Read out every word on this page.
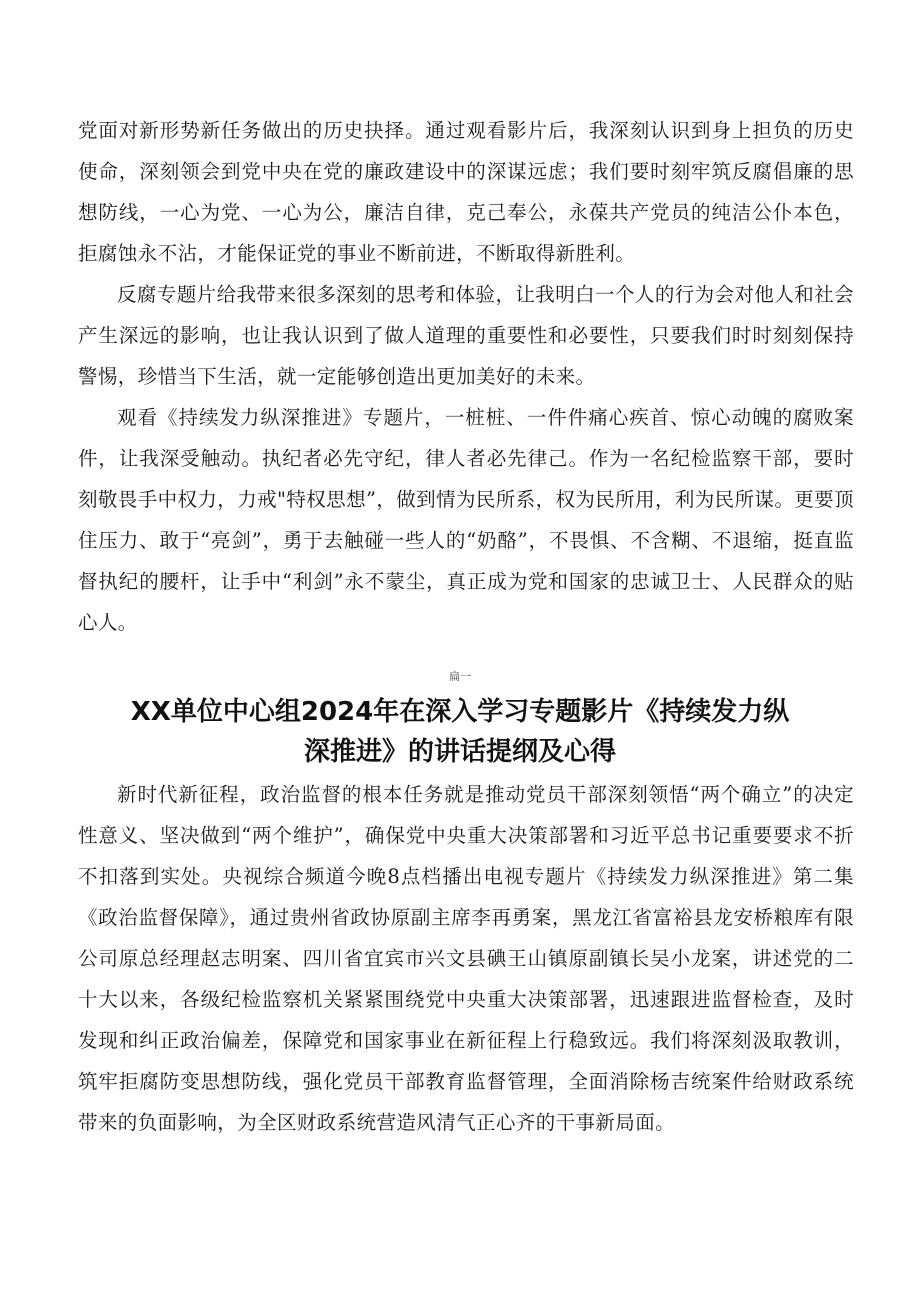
党面对新形势新任务做出的历史抉择。通过观看影片后，我深刻认识到身上担负的历史使命，深刻领会到党中央在党的廉政建设中的深谋远虑；我们要时刻牢筑反腐倡廉的思想防线，一心为党、一心为公，廉洁自律，克己奉公，永葆共产党员的纯洁公仆本色，拒腐蚀永不沾，才能保证党的事业不断前进，不断取得新胜利。

反腐专题片给我带来很多深刻的思考和体验，让我明白一个人的行为会对他人和社会产生深远的影响，也让我认识到了做人道理的重要性和必要性，只要我们时时刻刻保持警惕，珍惜当下生活，就一定能够创造出更加美好的未来。

观看《持续发力纵深推进》专题片，一桩桩、一件件痛心疾首、惊心动魄的腐败案件，让我深受触动。执纪者必先守纪，律人者必先律己。作为一名纪检监察干部，要时刻敬畏手中权力，力戒"特权思想”，做到情为民所系，权为民所用，利为民所谋。更要顶住压力、敢于“亮剑”，勇于去触碰一些人的“奶酪”，不畏惧、不含糊、不退缩，挺直监督执纪的腰杆，让手中“利剑”永不蒙尘，真正成为党和国家的忠诚卫士、人民群众的贴心人。

扁一
XX单位中心组2024年在深入学习专题影片《持续发力纵
深推进》的讲话提纲及心得

新时代新征程，政治监督的根本任务就是推动党员干部深刻领悟“两个确立”的决定性意义、坚决做到“两个维护”，确保党中央重大决策部署和习近平总书记重要要求不折不扣落到实处。央视综合频道今晚8点档播出电视专题片《持续发力纵深推进》第二集《政治监督保障》，通过贵州省政协原副主席李再勇案，黑龙江省富裕县龙安桥粮库有限公司原总经理赵志明案、四川省宜宾市兴文县碘王山镇原副镇长吴小龙案，讲述党的二十大以来，各级纪检监察机关紧紧围绕党中央重大决策部署，迅速跟进监督检查，及时发现和纠正政治偏差，保障党和国家事业在新征程上行稳致远。我们将深刻汲取教训，筑牢拒腐防变思想防线，强化党员干部教育监督管理，全面消除杨吉统案件给财政系统带来的负面影响，为全区财政系统营造风清气正心齐的干事新局面。
